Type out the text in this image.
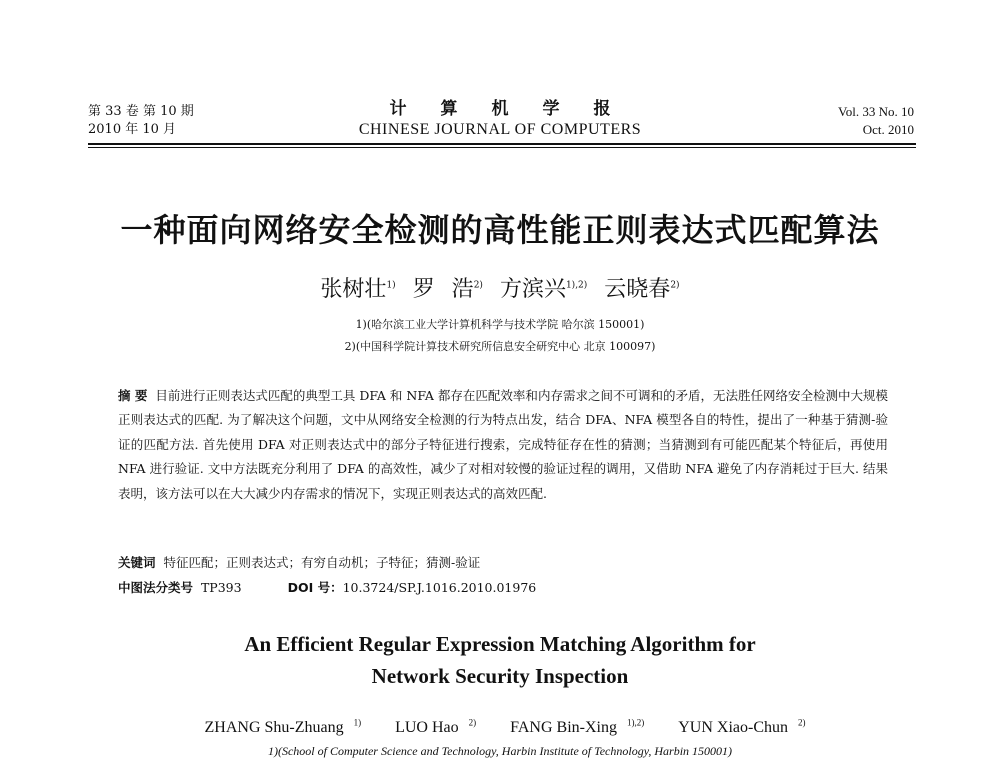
第 33 卷 第 10 期
2010 年 10 月
计算机学报
CHINESE JOURNAL OF COMPUTERS
Vol. 33 No. 10
Oct. 2010
一种面向网络安全检测的高性能正则表达式匹配算法
张树壮$^{1)}$ 罗 浩$^{2)}$ 方滨兴$^{1),2)}$ 云晓春$^{2)}$
1)(哈尔滨工业大学计算机科学与技术学院 哈尔滨 150001)
2)(中国科学院计算技术研究所信息安全研究中心 北京 100097)
摘 要 目前进行正则表达式匹配的典型工具 DFA 和 NFA 都存在匹配效率和内存需求之间不可调和的矛盾，无法胜任网络安全检测中大规模正则表达式的匹配. 为了解决这个问题，文中从网络安全检测的行为特点出发，结合 DFA、NFA 模型各自的特性，提出了一种基于猜测-验证的匹配方法. 首先使用 DFA 对正则表达式中的部分子特征进行搜索，完成特征存在性的猜测；当猜测到有可能匹配某个特征后，再使用 NFA 进行验证. 文中方法既充分利用了 DFA 的高效性，减少了对相对较慢的验证过程的调用，又借助 NFA 避免了内存消耗过于巨大. 结果表明，该方法可以在大大减少内存需求的情况下，实现正则表达式的高效匹配.
关键词 特征匹配；正则表达式；有穷自动机；子特征；猜测-验证
中图法分类号 TP393	DOI 号：10.3724/SP.J.1016.2010.01976
An Efficient Regular Expression Matching Algorithm for
Network Security Inspection
ZHANG Shu-Zhuang $^{1)}$ LUO Hao $^{2)}$ FANG Bin-Xing $^{1),2)}$ YUN Xiao-Chun $^{2)}$
1)(School of Computer Science and Technology, Harbin Institute of Technology, Harbin 150001)
